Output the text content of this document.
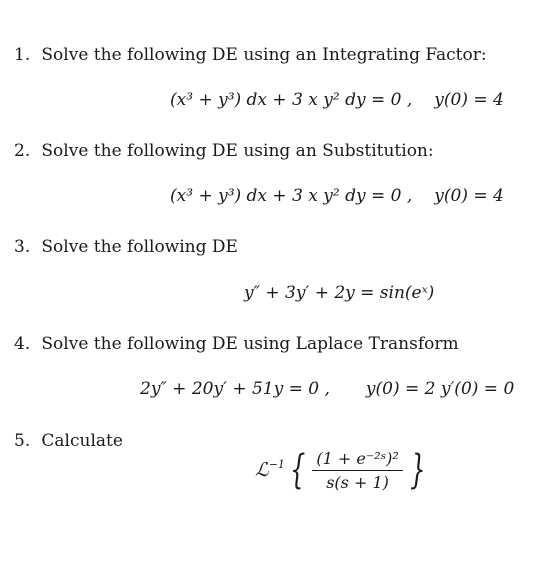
1. Solve the following DE using an Integrating Factor:
(x³ + y³) dx + 3 x y² dy = 0 , y(0) = 4
2. Solve the following DE using an Substitution:
(x³ + y³) dx + 3 x y² dy = 0 , y(0) = 4
3. Solve the following DE
y″ + 3y′ + 2y = sin(eˣ)
4. Solve the following DE using Laplace Transform
2y″ + 20y′ + 51y = 0 , y(0) = 2 y′(0) = 0
5. Calculate
ℒ$^{-1}$ { $\frac{\text{(1 + e⁻²ˢ)²}}{s(s + 1)}$ }
